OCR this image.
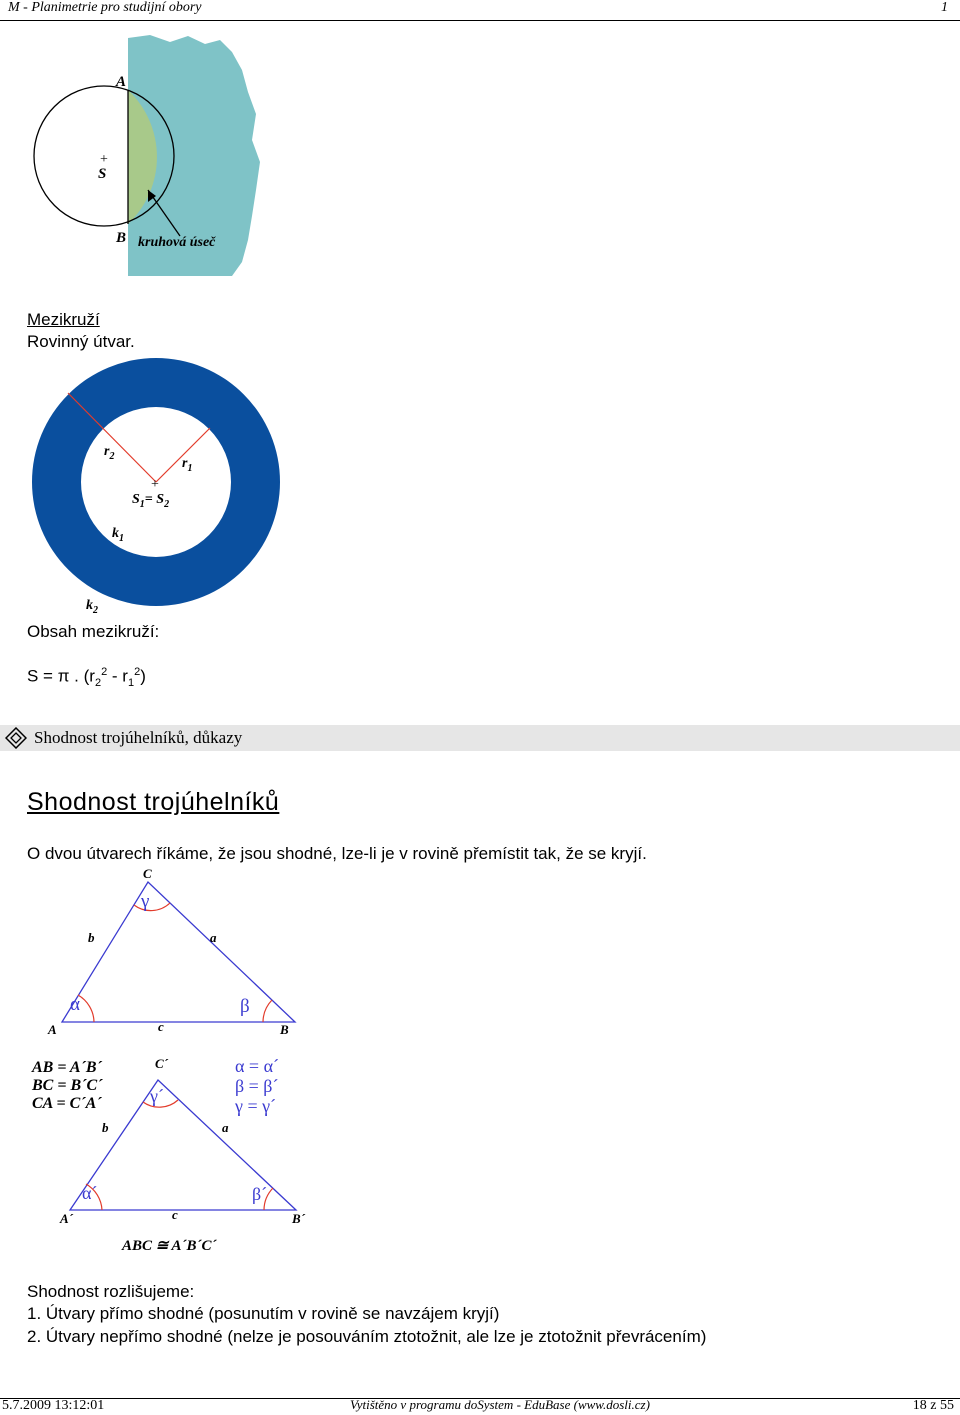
M - Planimetrie pro studijní obory	1
A
B
+
S
kruhová úseč
Mezikruží
Rovinný útvar.
+
$r_2$	$r_1$
$S_1= S_2$
$k_1$
$k_2$
Obsah mezikruží:
S = π . $(r_2^2 - r_1^2)$
Shodnost trojúhelníků, důkazy
Shodnost trojúhelníků
O dvou útvarech říkáme, že jsou shodné, lze-li je v rovině přemístit tak, že se kryjí.
C
A	B
b	a
c
α	β
γ
AB = A´B´
BC = B´C´
CA = C´A´
α = α´
β = β´
γ = γ´
C´
A´	B´
b	a
c
α´	β´
γ´
ABC ≅ A´B´C´
Shodnost rozlišujeme:
1. Útvary přímo shodné (posunutím v rovině se navzájem kryjí)
2. Útvary nepřímo shodné (nelze je posouváním ztotožnit, ale lze je ztotožnit převrácením)
5.7.2009 13:12:01	Vytištěno v programu doSystem - EduBase (www.dosli.cz)	18 z 55
